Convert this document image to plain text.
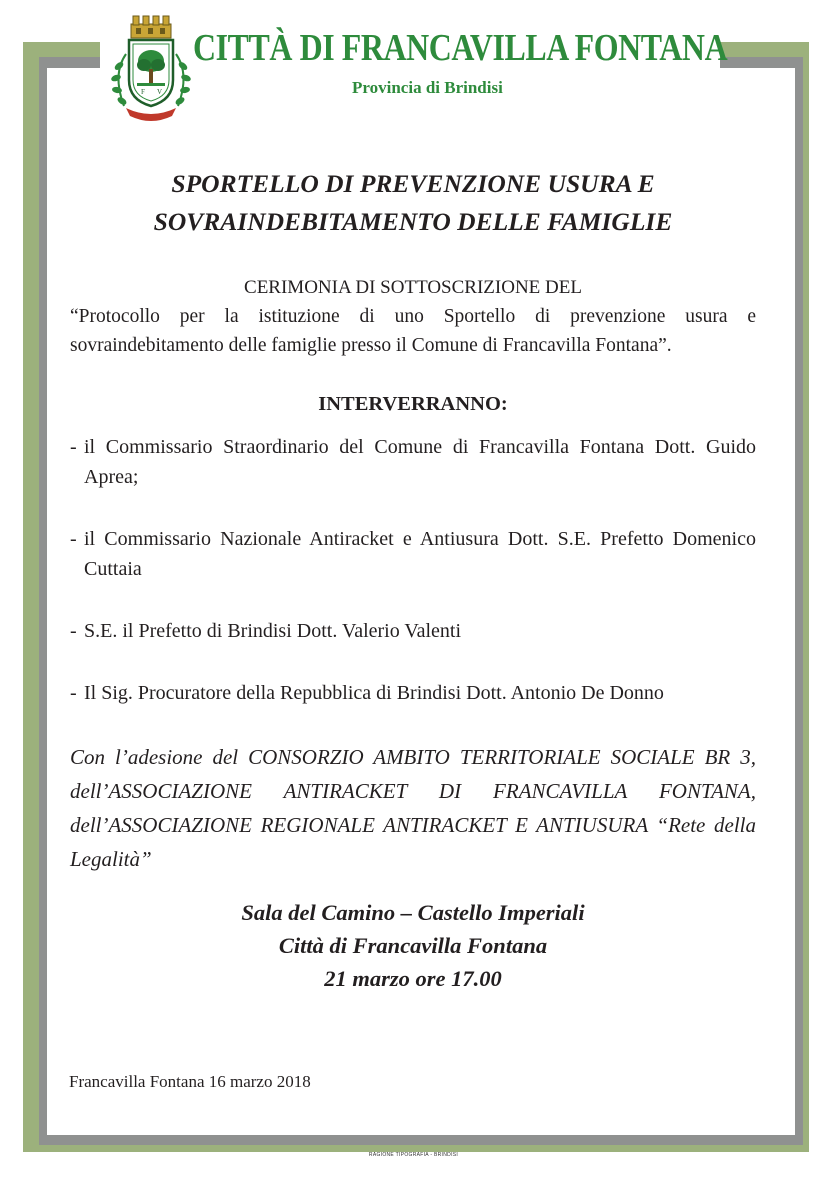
F V
CITTÀ DI FRANCAVILLA FONTANA
Provincia di Brindisi
SPORTELLO DI PREVENZIONE USURA E
SOVRAINDEBITAMENTO DELLE FAMIGLIE

CERIMONIA DI SOTTOSCRIZIONE DEL

“Protocollo per la istituzione di uno Sportello di prevenzione usura e sovraindebitamento delle famiglie presso il Comune di Francavilla Fontana”.

INTERVERRANNO:
- il Commissario Straordinario del Comune di Francavilla Fontana Dott. Guido Aprea;
- il Commissario Nazionale Antiracket e Antiusura Dott. S.E. Prefetto Domenico Cuttaia
- S.E. il Prefetto di Brindisi Dott. Valerio Valenti
- Il Sig. Procuratore della Repubblica di Brindisi Dott. Antonio De Donno

Con l’adesione del CONSORZIO AMBITO TERRITORIALE SOCIALE BR 3, dell’ASSOCIAZIONE ANTIRACKET DI FRANCAVILLA FONTANA, dell’ASSOCIAZIONE REGIONALE ANTIRACKET E ANTIUSURA “Rete della Legalità”

Sala del Camino – Castello Imperiali
Città di Francavilla Fontana
21 marzo ore 17.00
Francavilla Fontana 16 marzo 2018
RAGIONE TIPOGRAFIA - BRINDISI
